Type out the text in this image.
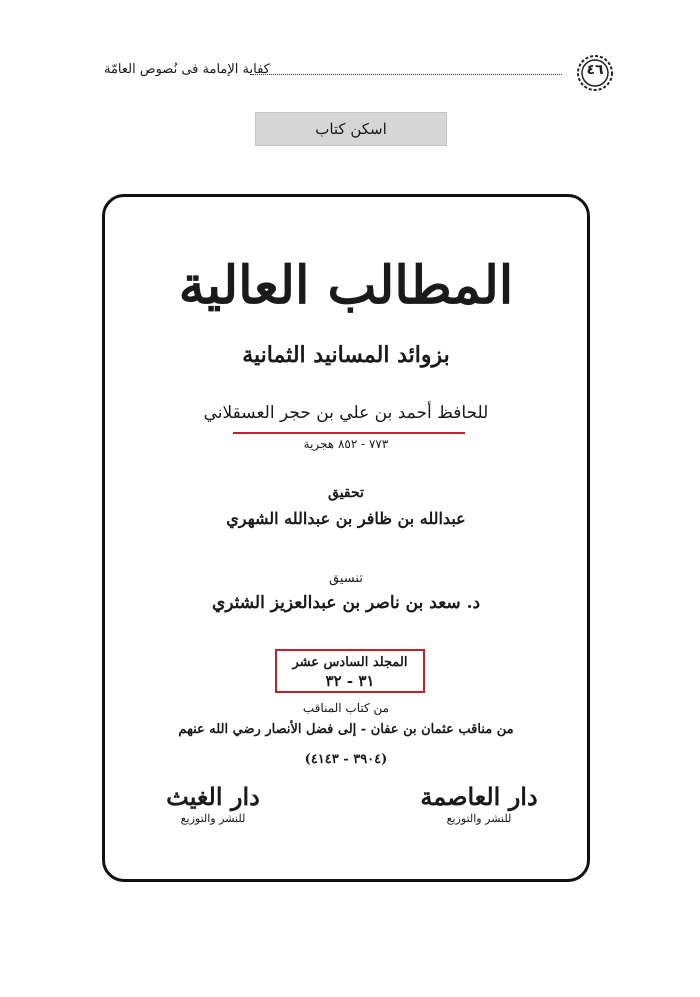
كفاية الإمامة فى نُصوص العامّة	٤٦
اسكن كتاب
المطالب العالية
بزوائد المسانيد الثمانية
للحافظ أحمد بن علي بن حجر العسقلاني
٧٧٣ - ٨٥٢ هجرية
تحقيق
عبدالله بن ظافر بن عبدالله الشهري
تنسيق
د. سعد بن ناصر بن عبدالعزيز الشثري
المجلد السادس عشر
٣١ - ٣٢
من كتاب المناقب
من مناقب عثمان بن عفان - إلى فضل الأنصار رضي الله عنهم
(٣٩٠٤ - ٤١٤٣)
دار الغيث
للنشر والتوزيع
دار العاصمة
للنشر والتوزيع
